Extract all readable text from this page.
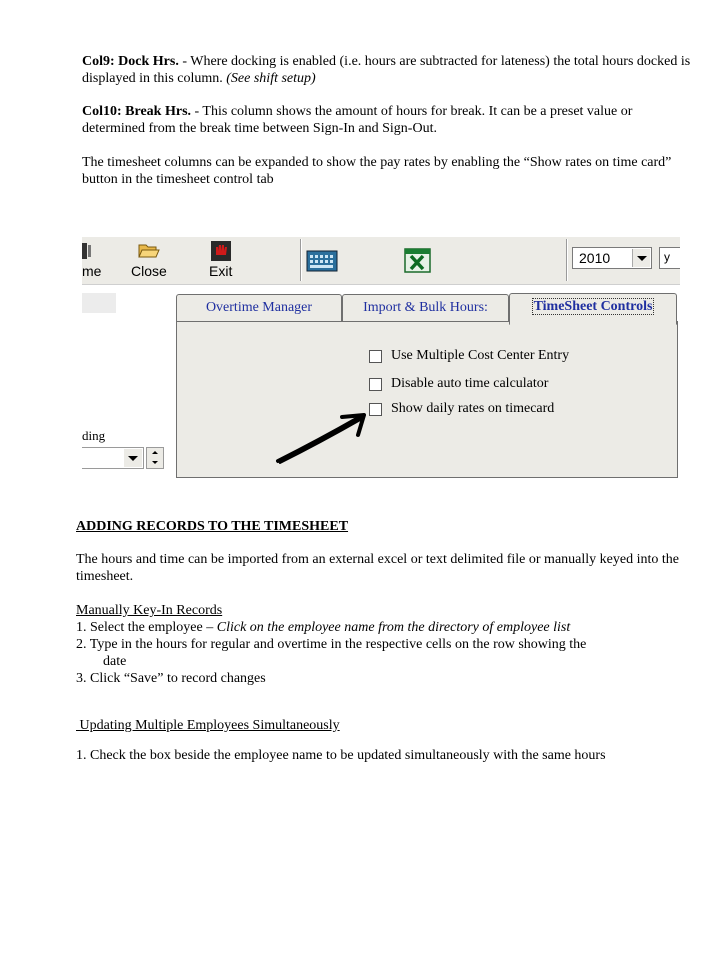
Col9: Dock Hrs. - Where docking is enabled (i.e. hours are subtracted for lateness) the total hours docked is displayed in this column. (See shift setup)
Col10: Break Hrs. - This column shows the amount of hours for break. It can be a preset value or determined from the break time between Sign-In and Sign-Out.
The timesheet columns can be expanded to show the pay rates by enabling the “Show rates on time card” button in the timesheet control tab
me Close	Exit
2010	y
ding
Overtime Manager	Import & Bulk Hours:	TimeSheet Controls
Use Multiple Cost Center Entry
Disable auto time calculator
Show daily rates on timecard
ADDING RECORDS TO THE TIMESHEET
The hours and time can be imported from an external excel or text delimited file or manually keyed into the timesheet.
Manually Key-In Records
1. Select the employee – Click on the employee name from the directory of employee list
2. Type in the hours for regular and overtime in the respective cells on the row showing the
date
3. Click “Save” to record changes
Updating Multiple Employees Simultaneously
1. Check the box beside the employee name to be updated simultaneously with the same hours
